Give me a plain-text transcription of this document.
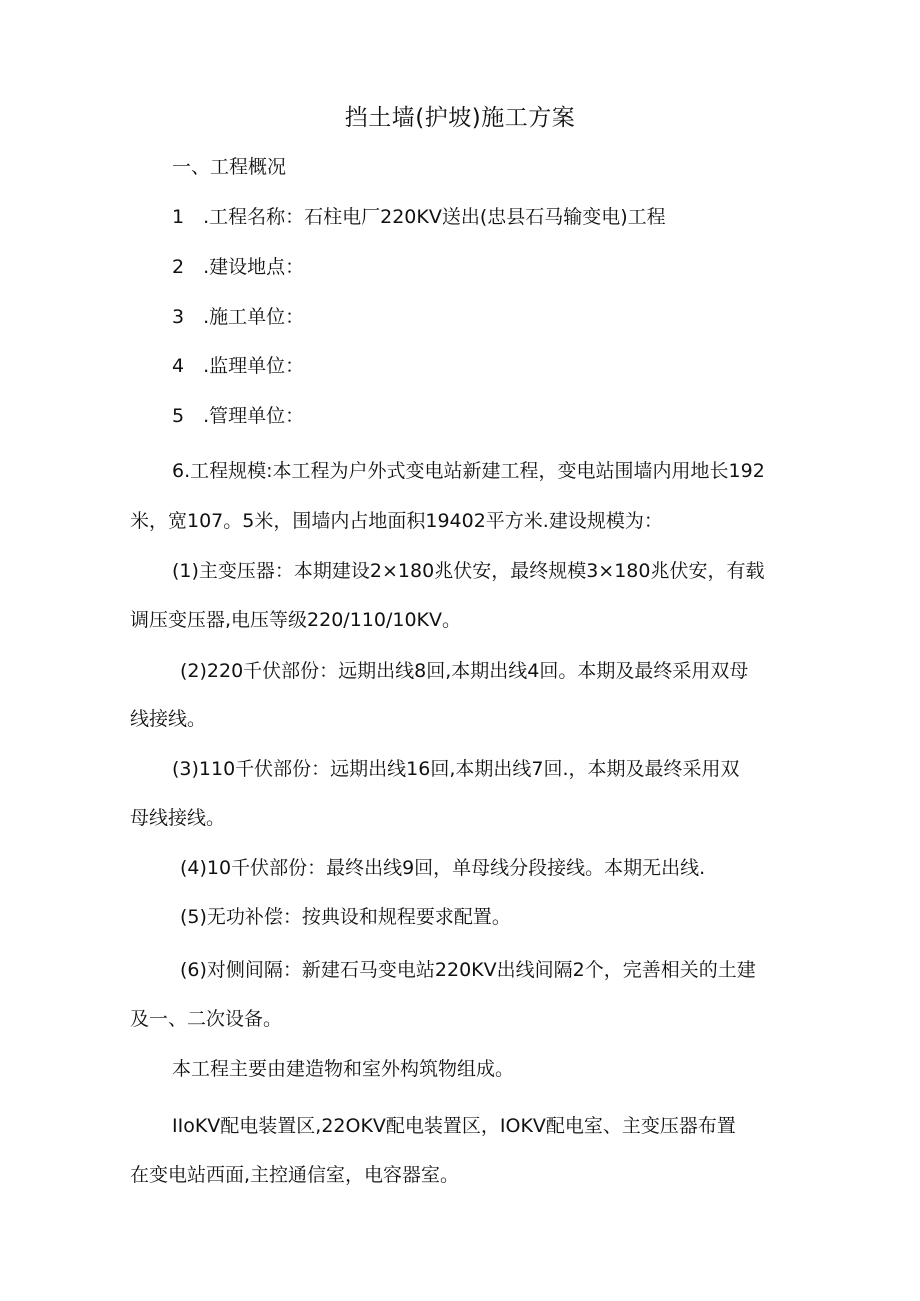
挡土墙(护坡)施工方案
一、工程概况
1　.工程名称：石柱电厂220KV送出(忠县石马输变电)工程
2　.建设地点：
3　.施工单位：
4　.监理单位：
5　.管理单位：
6.工程规模:本工程为户外式变电站新建工程，变电站围墙内用地长192
米，宽107。5米，围墙内占地面积19402平方米.建设规模为：
(1)主变压器：本期建设2×180兆伏安，最终规模3×180兆伏安，有载
调压变压器,电压等级220/110/10KV。
(2)220千伏部份：远期出线8回,本期出线4回。本期及最终采用双母
线接线。
(3)110千伏部份：远期出线16回,本期出线7回.，本期及最终采用双
母线接线。
(4)10千伏部份：最终出线9回，单母线分段接线。本期无出线.
(5)无功补偿：按典设和规程要求配置。
(6)对侧间隔：新建石马变电站220KV出线间隔2个，完善相关的土建
及一、二次设备。
本工程主要由建造物和室外构筑物组成。
IIoKV配电装置区,22OKV配电装置区，IOKV配电室、主变压器布置
在变电站西面,主控通信室，电容器室。
